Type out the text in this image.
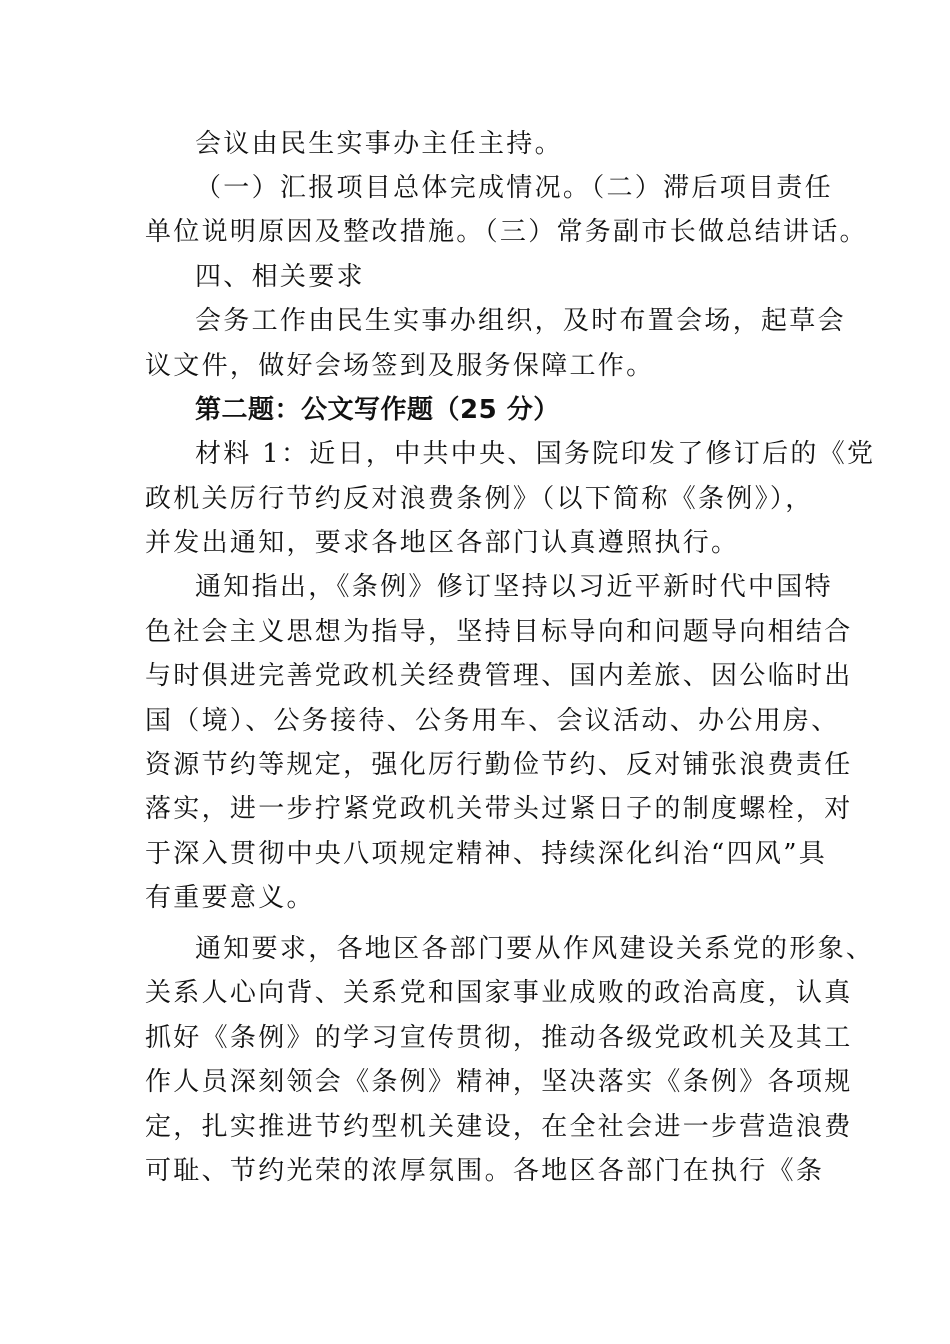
会议由民生实事办主任主持。
（一）汇报项目总体完成情况。（二）滞后项目责任
单位说明原因及整改措施。（三）常务副市长做总结讲话。
四、相关要求
会务工作由民生实事办组织，及时布置会场，起草会
议文件，做好会场签到及服务保障工作。
第二题：公文写作题（25 分）
材料 1：近日，中共中央、国务院印发了修订后的《党
政机关厉行节约反对浪费条例》（以下简称《条例》），
并发出通知，要求各地区各部门认真遵照执行。
通知指出，《条例》修订坚持以习近平新时代中国特
色社会主义思想为指导，坚持目标导向和问题导向相结合
与时俱进完善党政机关经费管理、国内差旅、因公临时出
国（境）、公务接待、公务用车、会议活动、办公用房、
资源节约等规定，强化厉行勤俭节约、反对铺张浪费责任
落实，进一步拧紧党政机关带头过紧日子的制度螺栓，对
于深入贯彻中央八项规定精神、持续深化纠治“四风”具
有重要意义。
通知要求，各地区各部门要从作风建设关系党的形象、
关系人心向背、关系党和国家事业成败的政治高度，认真
抓好《条例》的学习宣传贯彻，推动各级党政机关及其工
作人员深刻领会《条例》精神，坚决落实《条例》各项规
定，扎实推进节约型机关建设，在全社会进一步营造浪费
可耻、节约光荣的浓厚氛围。各地区各部门在执行《条
